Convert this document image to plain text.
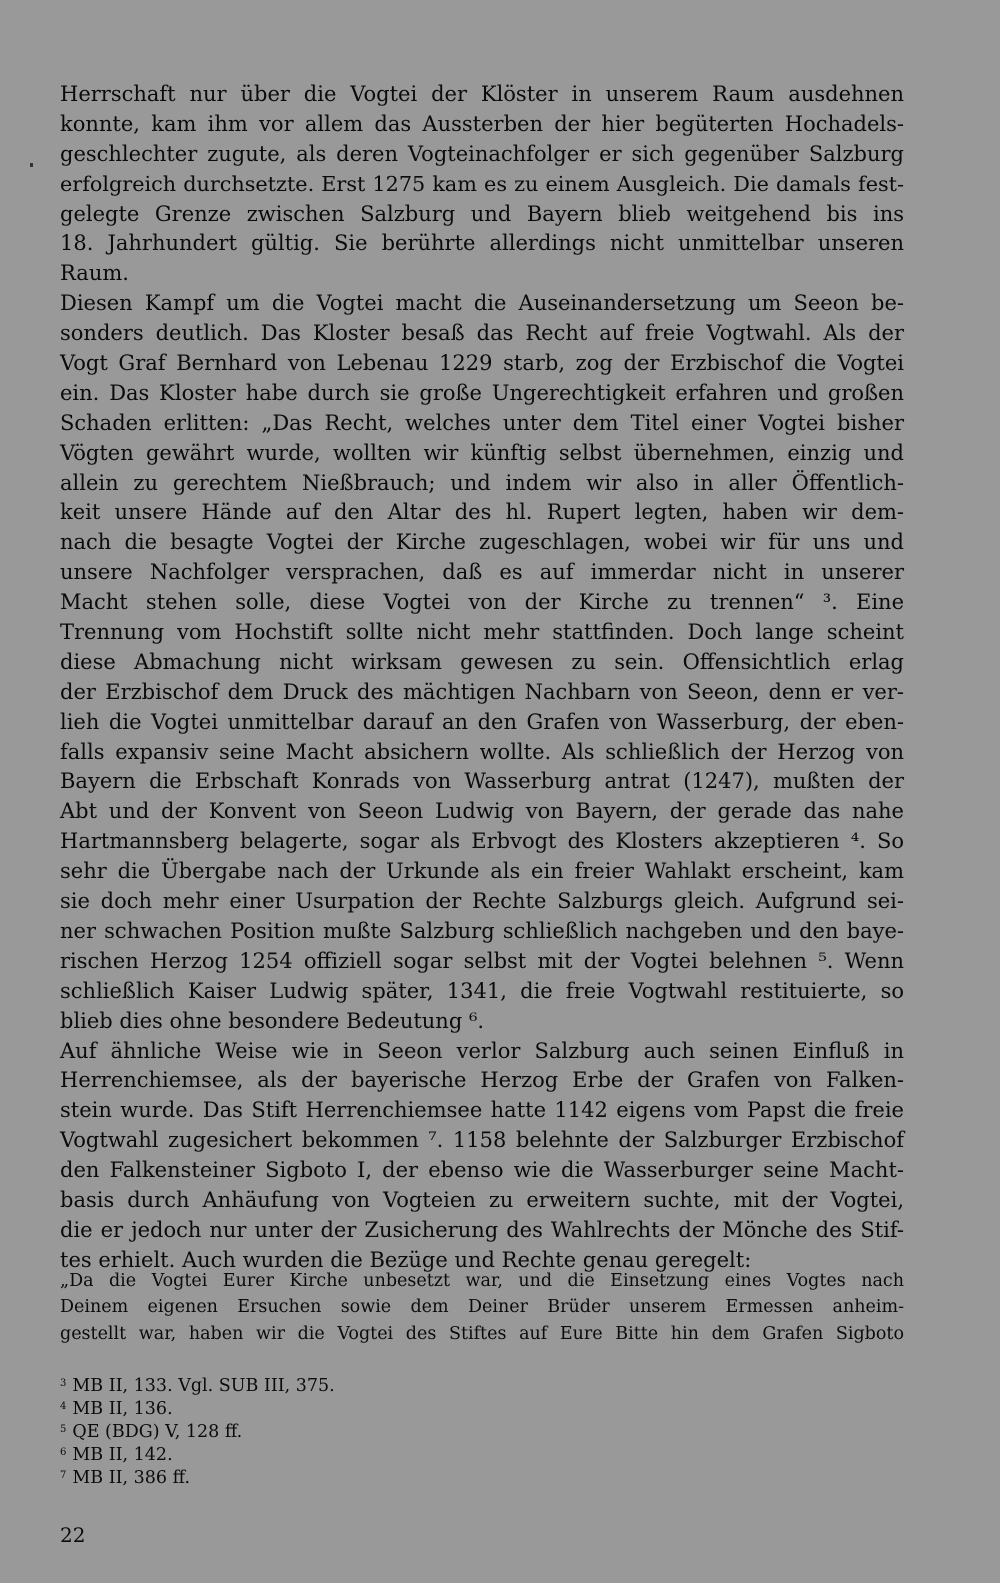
Herrschaft nur über die Vogtei der Klöster in unserem Raum ausdehnen
konnte, kam ihm vor allem das Aussterben der hier begüterten Hochadels-
geschlechter zugute, als deren Vogteinachfolger er sich gegenüber Salzburg
erfolgreich durchsetzte. Erst 1275 kam es zu einem Ausgleich. Die damals fest-
gelegte Grenze zwischen Salzburg und Bayern blieb weitgehend bis ins
18. Jahrhundert gültig. Sie berührte allerdings nicht unmittelbar unseren
Raum.
Diesen Kampf um die Vogtei macht die Auseinandersetzung um Seeon be-
sonders deutlich. Das Kloster besaß das Recht auf freie Vogtwahl. Als der
Vogt Graf Bernhard von Lebenau 1229 starb, zog der Erzbischof die Vogtei
ein. Das Kloster habe durch sie große Ungerechtigkeit erfahren und großen
Schaden erlitten: „Das Recht, welches unter dem Titel einer Vogtei bisher
Vögten gewährt wurde, wollten wir künftig selbst übernehmen, einzig und
allein zu gerechtem Nießbrauch; und indem wir also in aller Öffentlich-
keit unsere Hände auf den Altar des hl. Rupert legten, haben wir dem-
nach die besagte Vogtei der Kirche zugeschlagen, wobei wir für uns und
unsere Nachfolger versprachen, daß es auf immerdar nicht in unserer
Macht stehen solle, diese Vogtei von der Kirche zu trennen“ ³. Eine
Trennung vom Hochstift sollte nicht mehr stattfinden. Doch lange scheint
diese Abmachung nicht wirksam gewesen zu sein. Offensichtlich erlag
der Erzbischof dem Druck des mächtigen Nachbarn von Seeon, denn er ver-
lieh die Vogtei unmittelbar darauf an den Grafen von Wasserburg, der eben-
falls expansiv seine Macht absichern wollte. Als schließlich der Herzog von
Bayern die Erbschaft Konrads von Wasserburg antrat (1247), mußten der
Abt und der Konvent von Seeon Ludwig von Bayern, der gerade das nahe
Hartmannsberg belagerte, sogar als Erbvogt des Klosters akzeptieren ⁴. So
sehr die Übergabe nach der Urkunde als ein freier Wahlakt erscheint, kam
sie doch mehr einer Usurpation der Rechte Salzburgs gleich. Aufgrund sei-
ner schwachen Position mußte Salzburg schließlich nachgeben und den baye-
rischen Herzog 1254 offiziell sogar selbst mit der Vogtei belehnen ⁵. Wenn
schließlich Kaiser Ludwig später, 1341, die freie Vogtwahl restituierte, so
blieb dies ohne besondere Bedeutung ⁶.
Auf ähnliche Weise wie in Seeon verlor Salzburg auch seinen Einfluß in
Herrenchiemsee, als der bayerische Herzog Erbe der Grafen von Falken-
stein wurde. Das Stift Herrenchiemsee hatte 1142 eigens vom Papst die freie
Vogtwahl zugesichert bekommen ⁷. 1158 belehnte der Salzburger Erzbischof
den Falkensteiner Sigboto I, der ebenso wie die Wasserburger seine Macht-
basis durch Anhäufung von Vogteien zu erweitern suchte, mit der Vogtei,
die er jedoch nur unter der Zusicherung des Wahlrechts der Mönche des Stif-
tes erhielt. Auch wurden die Bezüge und Rechte genau geregelt:
„Da die Vogtei Eurer Kirche unbesetzt war, und die Einsetzung eines Vogtes nach
Deinem eigenen Ersuchen sowie dem Deiner Brüder unserem Ermessen anheim-
gestellt war, haben wir die Vogtei des Stiftes auf Eure Bitte hin dem Grafen Sigboto
$^3$ MB II, 133. Vgl. SUB III, 375.
$^4$ MB II, 136.
$^5$ QE (BDG) V, 128 ff.
$^6$ MB II, 142.
$^7$ MB II, 386 ff.
22
